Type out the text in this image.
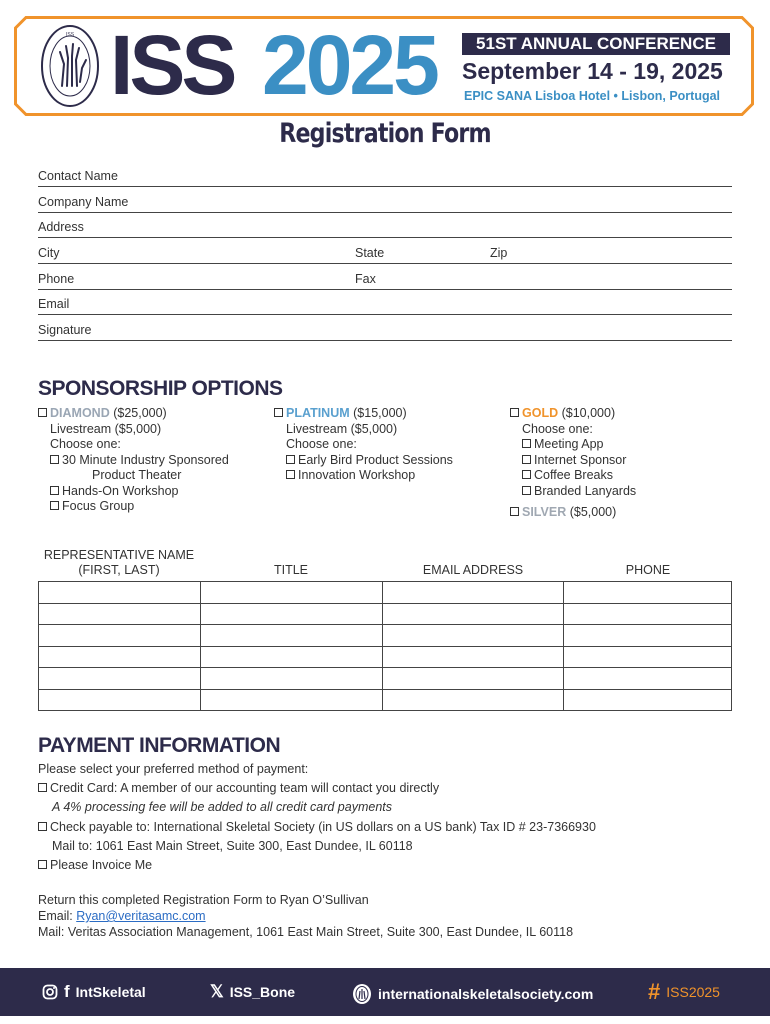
ISS ISS 2025	51ST ANNUAL CONFERENCE
September 14 - 19, 2025
EPIC SANA Lisboa Hotel • Lisbon, Portugal
Registration Form
Contact Name
Company Name
Address
City	State	Zip
Phone	Fax
Email
Signature
SPONSORSHIP OPTIONS
DIAMOND ($25,000)
Livestream ($5,000)
Choose one:
30 Minute Industry Sponsored
Product Theater
Hands-On Workshop
Focus Group
PLATINUM ($15,000)
Livestream ($5,000)
Choose one:
Early Bird Product Sessions
Innovation Workshop
GOLD ($10,000)
Choose one:
Meeting App
Internet Sponsor
Coffee Breaks
Branded Lanyards
SILVER ($5,000)
REPRESENTATIVE NAME
(FIRST, LAST)	TITLE	EMAIL ADDRESS	PHONE

PAYMENT INFORMATION
Please select your preferred method of payment:
Credit Card: A member of our accounting team will contact you directly
A 4% processing fee will be added to all credit card payments
Check payable to: International Skeletal Society (in US dollars on a US bank) Tax ID # 23-7366930
Mail to: 1061 East Main Street, Suite 300, East Dundee, IL 60118
Please Invoice Me
Return this completed Registration Form to Ryan O’Sullivan
Email: Ryan@veritasamc.com
Mail: Veritas Association Management, 1061 East Main Street, Suite 300, East Dundee, IL 60118
f IntSkeletal	𝕏 ISS_Bone	internationalskeletalsociety.com # ISS2025
